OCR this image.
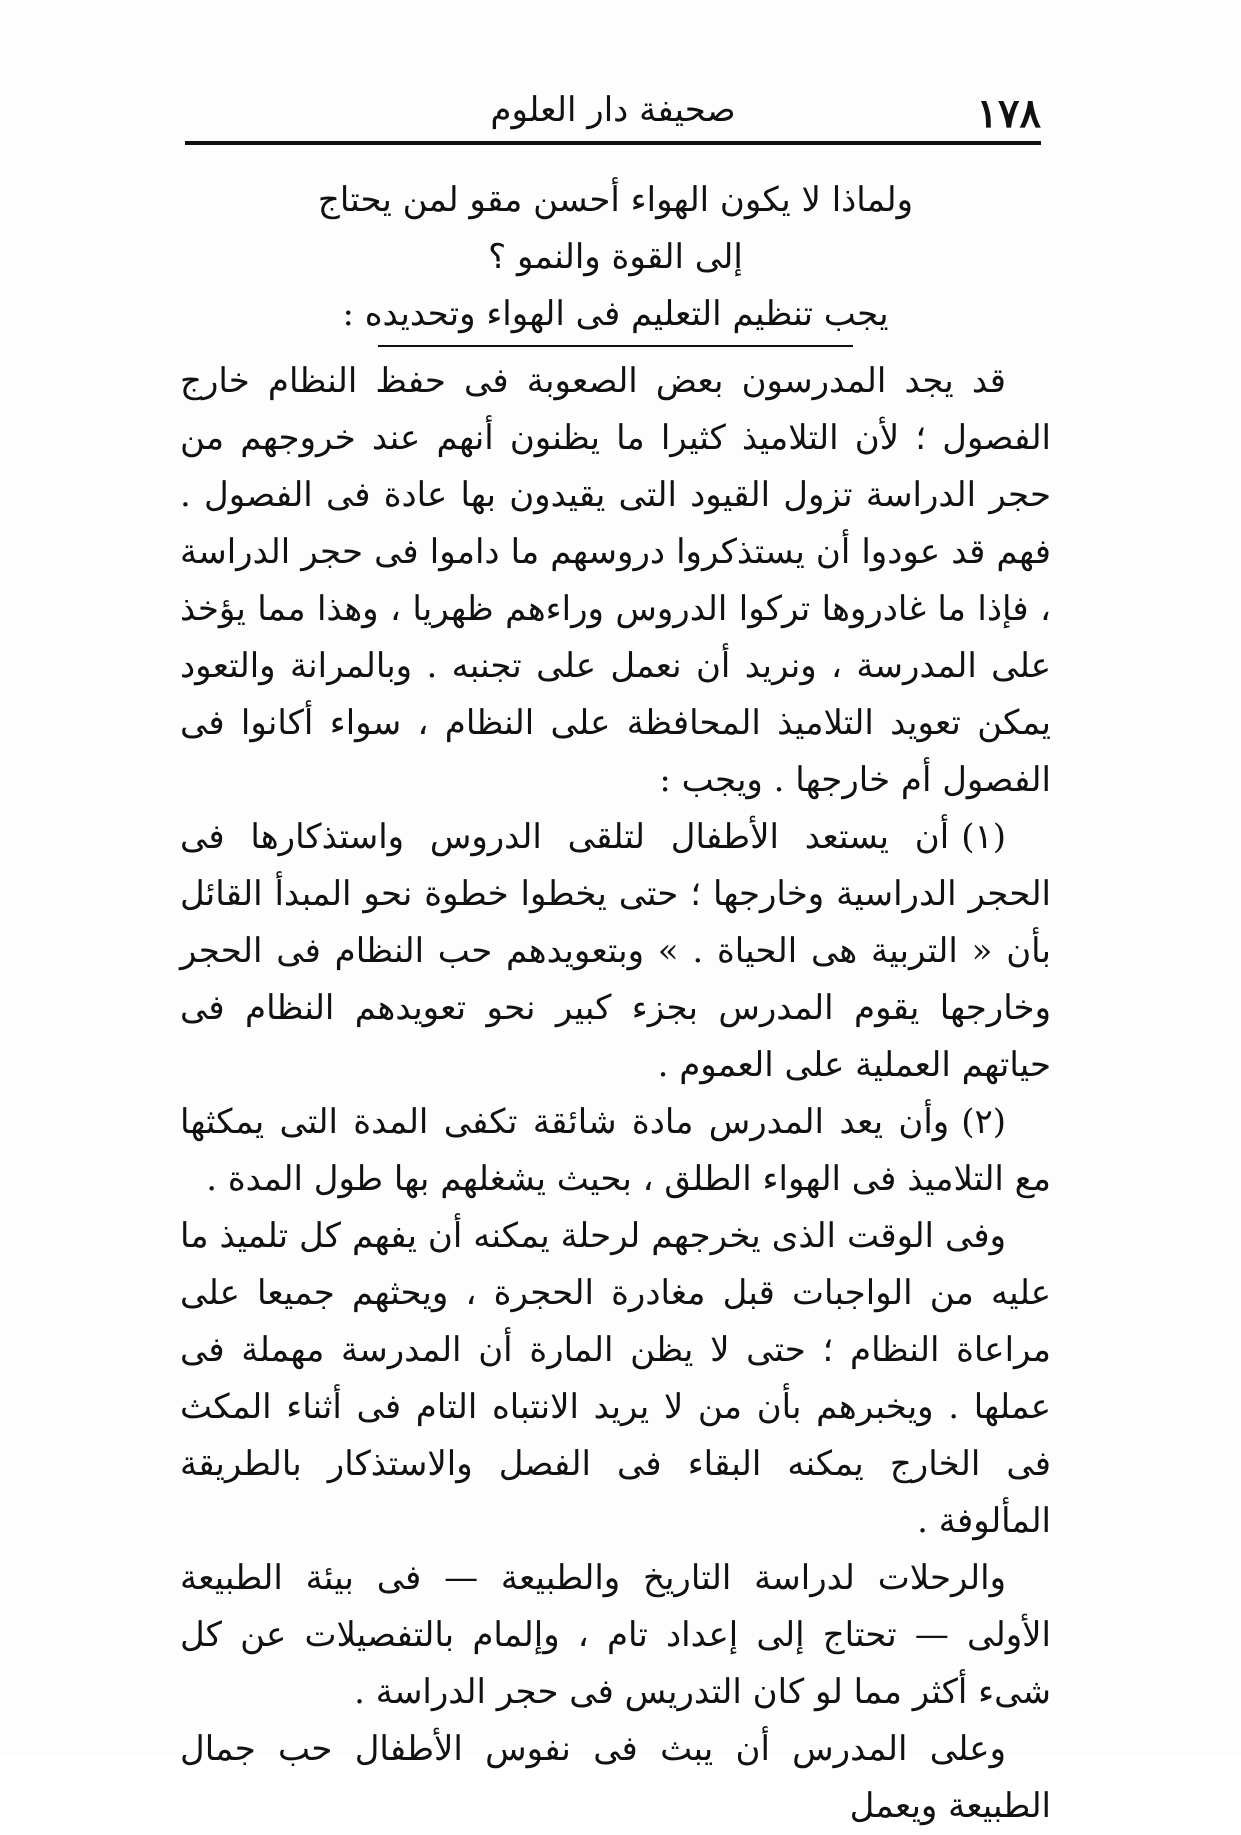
١٧٨
صحيفة دار العلوم

ولماذا لا يكون الهواء أحسن مقو لمن يحتاج إلى القوة والنمو ؟

يجب تنظيم التعليم فى الهواء وتحديده :

قد يجد المدرسون بعض الصعوبة فى حفظ النظام خارج الفصول ؛ لأن التلاميذ كثيرا ما يظنون أنهم عند خروجهم من حجر الدراسة تزول القيود التى يقيدون بها عادة فى الفصول . فهم قد عودوا أن يستذكروا دروسهم ما داموا فى حجر الدراسة ، فإذا ما غادروها تركوا الدروس وراءهم ظهريا ، وهذا مما يؤخذ على المدرسة ، ونريد أن نعمل على تجنبه . وبالمرانة والتعود يمكن تعويد التلاميذ المحافظة على النظام ، سواء أكانوا فى الفصول أم خارجها . ويجب :

(١)أن يستعد الأطفال لتلقى الدروس واستذكارها فى الحجر الدراسية وخارجها ؛ حتى يخطوا خطوة نحو المبدأ القائل بأن « التربية هى الحياة . » وبتعويدهم حب النظام فى الحجر وخارجها يقوم المدرس بجزء كبير نحو تعويدهم النظام فى حياتهم العملية على العموم .

(٢)وأن يعد المدرس مادة شائقة تكفى المدة التى يمكثها مع التلاميذ فى الهواء الطلق ، بحيث يشغلهم بها طول المدة .

وفى الوقت الذى يخرجهم لرحلة يمكنه أن يفهم كل تلميذ ما عليه من الواجبات قبل مغادرة الحجرة ، ويحثهم جميعا على مراعاة النظام ؛ حتى لا يظن المارة أن المدرسة مهملة فى عملها . ويخبرهم بأن من لا يريد الانتباه التام فى أثناء المكث فى الخارج يمكنه البقاء فى الفصل والاستذكار بالطريقة المألوفة .

والرحلات لدراسة التاريخ والطبيعة — فى بيئة الطبيعة الأولى — تحتاج إلى إعداد تام ، وإلمام بالتفصيلات عن كل شىء أكثر مما لو كان التدريس فى حجر الدراسة .

وعلى المدرس أن يبث فى نفوس الأطفال حب جمال الطبيعة ويعمل
